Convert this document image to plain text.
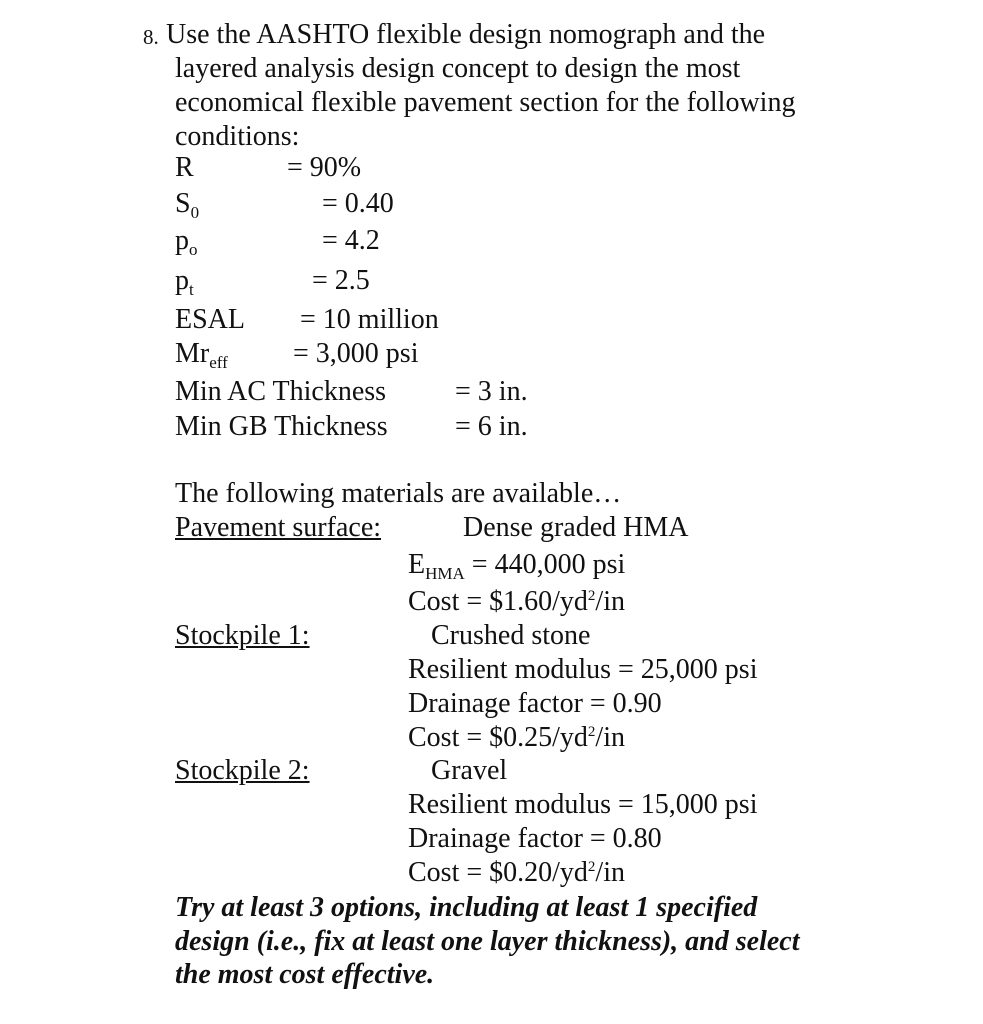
8. Use the AASHTO flexible design nomograph and the
layered analysis design concept to design the most
economical flexible pavement section for the following
conditions:
R	= 90%
$S_0$	= 0.40
$p_o$	= 4.2
$p_t$	= 2.5
ESAL = 10 million
$Mr_{eff} = 3,000$ psi
Min AC Thickness = 3 in.
Min GB Thickness = 6 in.
The following materials are available…
Pavement surface:	Dense graded HMA
$E_{HMA} = 440,000$ psi
Cost = $\$1.60/yd^2/in$
Stockpile 1:	Crushed stone
Resilient modulus = 25,000 psi
Drainage factor = 0.90
Cost = $\$0.25/yd^2/in$
Stockpile 2:	Gravel
Resilient modulus = 15,000 psi
Drainage factor = 0.80
Cost = $\$0.20/yd^2/in$
Try at least 3 options, including at least 1 specified
design (i.e., fix at least one layer thickness), and select
the most cost effective.
